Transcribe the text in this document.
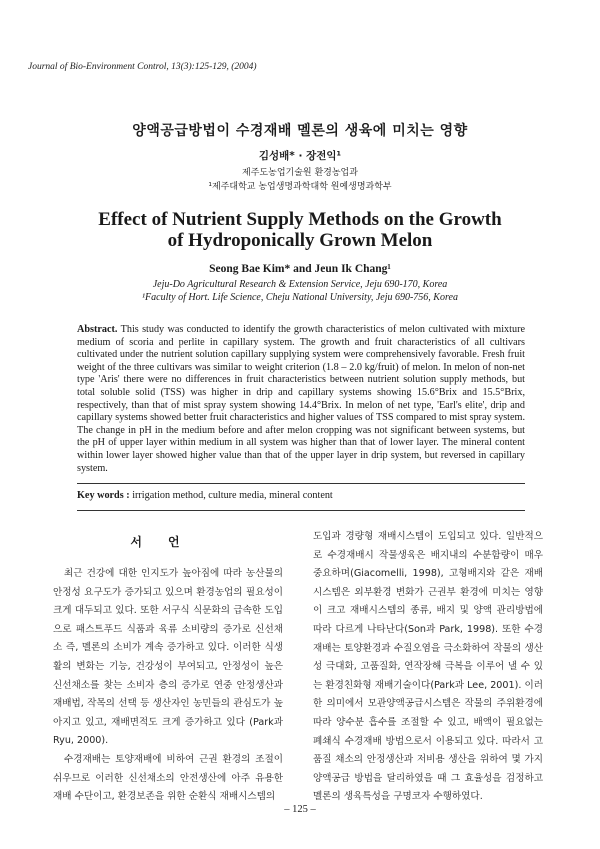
Journal of Bio-Environment Control, 13(3):125-129, (2004)
양액공급방법이 수경재배 멜론의 생육에 미치는 영향
김성배* · 장전익¹
제주도농업기술원 환경농업과
¹제주대학교 농업생명과학대학 원예생명과학부
Effect of Nutrient Supply Methods on the Growth
of Hydroponically Grown Melon
Seong Bae Kim* and Jeun Ik Chang¹
Jeju-Do Agricultural Research & Extension Service, Jeju 690-170, Korea
¹Faculty of Hort. Life Science, Cheju National University, Jeju 690-756, Korea
Abstract. This study was conducted to identify the growth characteristics of melon cultivated with mixture medium of scoria and perlite in capillary system. The growth and fruit characteristics of all cultivars cultivated under the nutrient solution capillary supplying system were comprehensively favorable. Fresh fruit weight of the three cultivars was similar to weight criterion (1.8 – 2.0 kg/fruit) of melon. In melon of non-net type 'Aris' there were no differences in fruit characteristics between nutrient solution supply methods, but total soluble solid (TSS) was higher in drip and capillary systems showing 15.6°Brix and 15.5°Brix, respectively, than that of mist spray system showing 14.4°Brix. In melon of net type, 'Earl's elite', drip and capillary systems showed better fruit characteristics and higher values of TSS compared to mist spray system. The change in pH in the medium before and after melon cropping was not significant between systems, but the pH of upper layer within medium in all system was higher than that of lower layer. The mineral content within lower layer showed higher value than that of the upper layer in drip system, but reversed in capillary system.
Key words : irrigation method, culture media, mineral content
서언

최근 건강에 대한 인지도가 높아짐에 따라 농산물의 안정성 요구도가 증가되고 있으며 환경농업의 필요성이 크게 대두되고 있다. 또한 서구식 식문화의 급속한 도입으로 패스트푸드 식품과 육류 소비량의 증가로 신선채소 즉, 멜론의 소비가 계속 증가하고 있다. 이러한 식생활의 변화는 기능, 건강성이 부여되고, 안정성이 높은 신선채소를 찾는 소비자 층의 증가로 연중 안정생산과 재배법, 작목의 선택 등 생산자인 농민들의 관심도가 높아지고 있고, 재배면적도 크게 증가하고 있다 (Park과 Ryu, 2000).

수경재배는 토양재배에 비하여 근권 환경의 조절이 쉬우므로 이러한 신선채소의 안전생산에 아주 유용한 재배 수단이고, 환경보존을 위한 순환식 재배시스템의

도입과 경량형 재배시스템이 도입되고 있다. 일반적으로 수경재배시 작물생육은 배지내의 수분함량이 매우 중요하며(Giacomelli, 1998), 고형배지와 같은 재배시스템은 외부환경 변화가 근권부 환경에 미치는 영향이 크고 재배시스템의 종류, 배지 및 양액 관리방법에 따라 다르게 나타난다(Son과 Park, 1998). 또한 수경재배는 토양환경과 수질오염을 극소화하여 작물의 생산성 극대화, 고품질화, 연작장해 극복을 이루어 낼 수 있는 환경친화형 재배기술이다(Park과 Lee, 2001). 이러한 의미에서 모관양액공급시스템은 작물의 주위환경에 따라 양수분 흡수를 조절할 수 있고, 배액이 필요없는 폐쇄식 수경재배 방법으로서 이용되고 있다. 따라서 고품질 채소의 안정생산과 저비용 생산을 위하여 몇 가지 양액공급 방법을 달리하였을 때 그 효율성을 검정하고 멜론의 생육특성을 구명코자 수행하였다.

– 125 –
